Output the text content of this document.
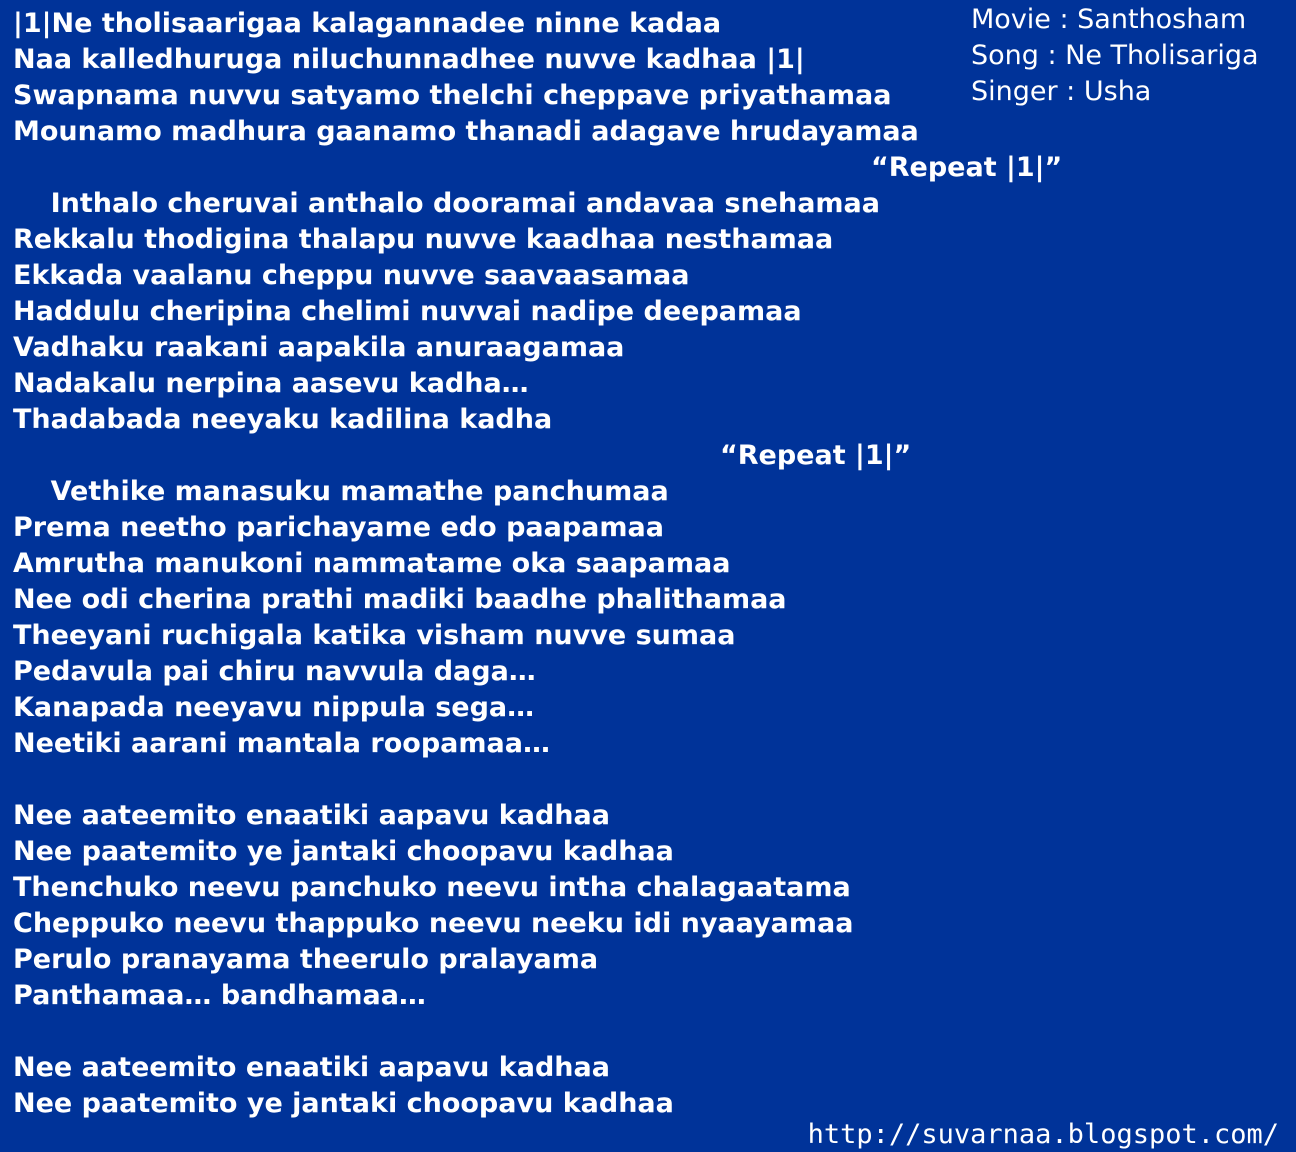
Movie : Santhosham
Song : Ne Tholisariga
Singer : Usha
|1|Ne tholisaarigaa kalagannadee ninne kadaa
Naa kalledhuruga niluchunnadhee nuvve kadhaa |1|
Swapnama nuvvu satyamo thelchi cheppave priyathamaa
Mounamo madhura gaanamo thanadi adagave hrudayamaa

Inthalo cheruvai anthalo dooramai andavaa snehamaa

“Repeat |1|”

Rekkalu thodigina thalapu nuvve kaadhaa nesthamaa
Ekkada vaalanu cheppu nuvve saavaasamaa
Haddulu cheripina chelimi nuvvai nadipe deepamaa
Vadhaku raakani aapakila anuraagamaa
Nadakalu nerpina aasevu kadha…
Thadabada neeyaku kadilina kadha

Vethike manasuku mamathe panchumaa

“Repeat |1|”

Prema neetho parichayame edo paapamaa
Amrutha manukoni nammatame oka saapamaa
Nee odi cherina prathi madiki baadhe phalithamaa
Theeyani ruchigala katika visham nuvve sumaa
Pedavula pai chiru navvula daga…
Kanapada neeyavu nippula sega…
Neetiki aarani mantala roopamaa…
Nee aateemito enaatiki aapavu kadhaa
Nee paatemito ye jantaki choopavu kadhaa
Thenchuko neevu panchuko neevu intha chalagaatama
Cheppuko neevu thappuko neevu neeku idi nyaayamaa
Perulo pranayama theerulo pralayama
Panthamaa… bandhamaa…
Nee aateemito enaatiki aapavu kadhaa
Nee paatemito ye jantaki choopavu kadhaa
http://suvarnaa.blogspot.com/
